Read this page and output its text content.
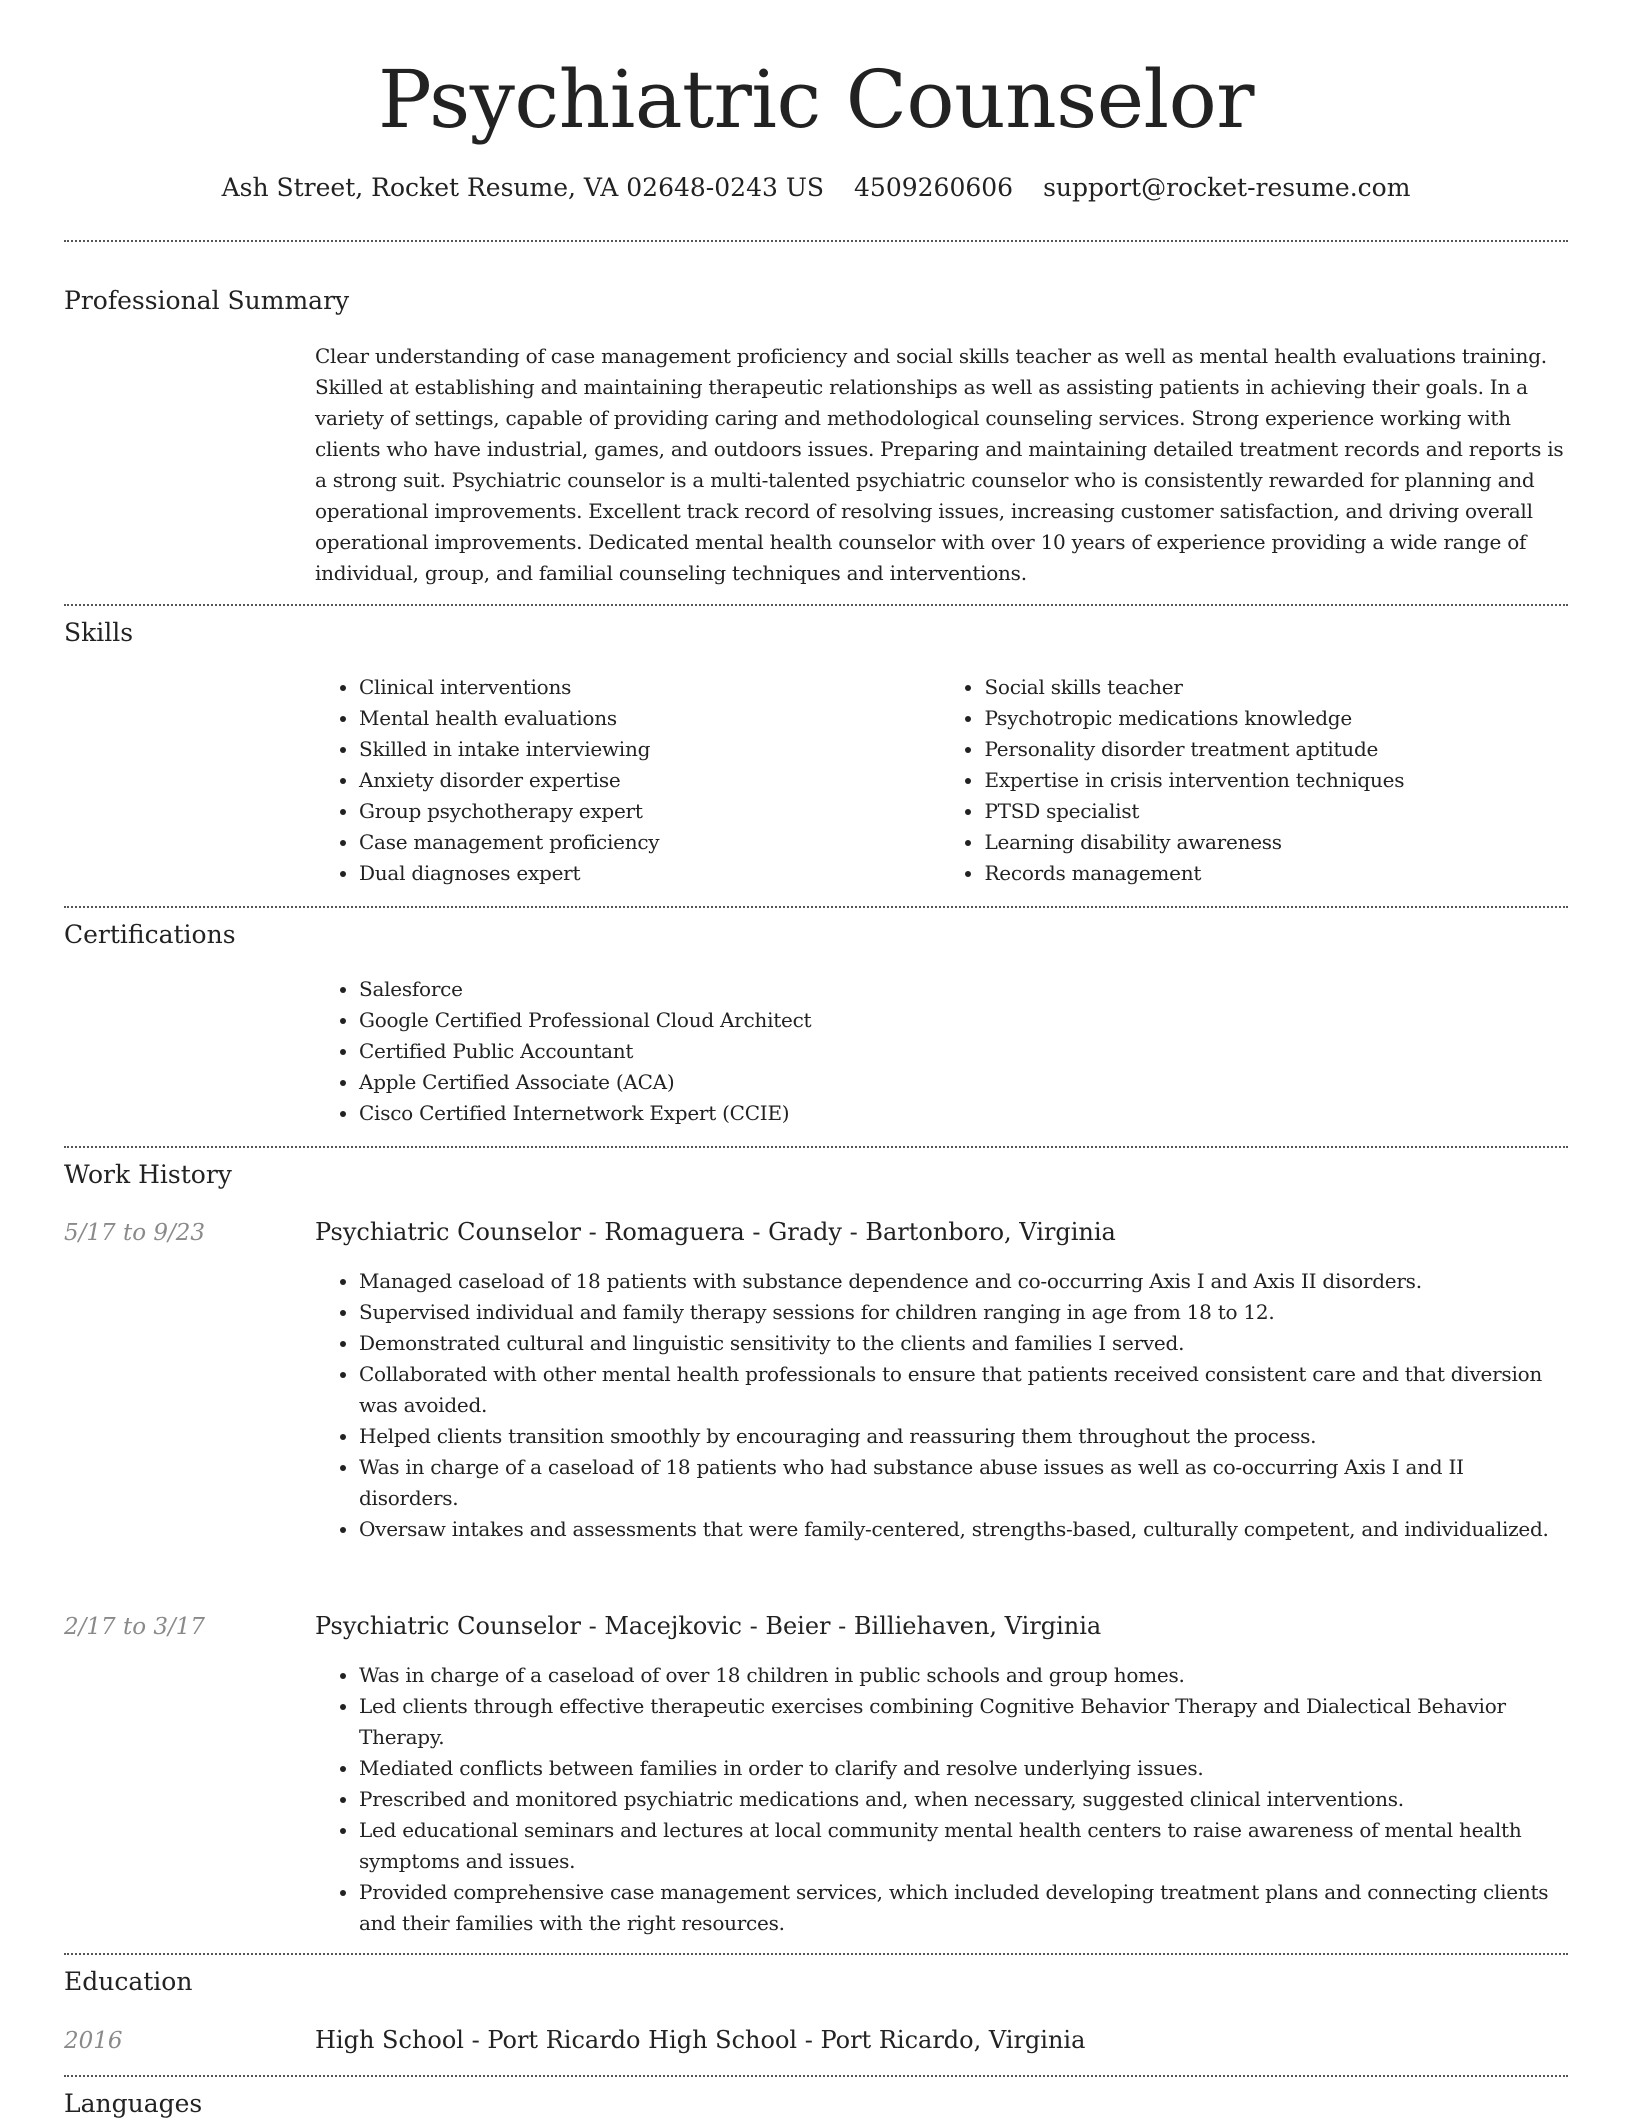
Psychiatric Counselor
Ash Street, Rocket Resume, VA 02648-0243 US 4509260606 support@rocket-resume.com
Professional Summary

Clear understanding of case management proficiency and social skills teacher as well as mental health evaluations training. Skilled at establishing and maintaining therapeutic relationships as well as assisting patients in achieving their goals. In a variety of settings, capable of providing caring and methodological counseling services. Strong experience working with clients who have industrial, games, and outdoors issues. Preparing and maintaining detailed treatment records and reports is a strong suit. Psychiatric counselor is a multi-talented psychiatric counselor who is consistently rewarded for planning and operational improvements. Excellent track record of resolving issues, increasing customer satisfaction, and driving overall operational improvements. Dedicated mental health counselor with over 10 years of experience providing a wide range of individual, group, and familial counseling techniques and interventions.

Skills
• Clinical interventions
• Mental health evaluations
• Skilled in intake interviewing
• Anxiety disorder expertise
• Group psychotherapy expert
• Case management proficiency
• Dual diagnoses expert
• Social skills teacher
• Psychotropic medications knowledge
• Personality disorder treatment aptitude
• Expertise in crisis intervention techniques
• PTSD specialist
• Learning disability awareness
• Records management
Certifications
• Salesforce
• Google Certified Professional Cloud Architect
• Certified Public Accountant
• Apple Certified Associate (ACA)
• Cisco Certified Internetwork Expert (CCIE)
Work History
5/17 to 9/23	Psychiatric Counselor - Romaguera - Grady - Bartonboro, Virginia
• Managed caseload of 18 patients with substance dependence and co-occurring Axis I and Axis II disorders.
• Supervised individual and family therapy sessions for children ranging in age from 18 to 12.
• Demonstrated cultural and linguistic sensitivity to the clients and families I served.
• Collaborated with other mental health professionals to ensure that patients received consistent care and that diversion was avoided.
• Helped clients transition smoothly by encouraging and reassuring them throughout the process.
• Was in charge of a caseload of 18 patients who had substance abuse issues as well as co-occurring Axis I and II disorders.
• Oversaw intakes and assessments that were family-centered, strengths-based, culturally competent, and individualized.
2/17 to 3/17	Psychiatric Counselor - Macejkovic - Beier - Billiehaven, Virginia
• Was in charge of a caseload of over 18 children in public schools and group homes.
• Led clients through effective therapeutic exercises combining Cognitive Behavior Therapy and Dialectical Behavior Therapy.
• Mediated conflicts between families in order to clarify and resolve underlying issues.
• Prescribed and monitored psychiatric medications and, when necessary, suggested clinical interventions.
• Led educational seminars and lectures at local community mental health centers to raise awareness of mental health symptoms and issues.
• Provided comprehensive case management services, which included developing treatment plans and connecting clients and their families with the right resources.
Education
2016	High School - Port Ricardo High School - Port Ricardo, Virginia
Languages
